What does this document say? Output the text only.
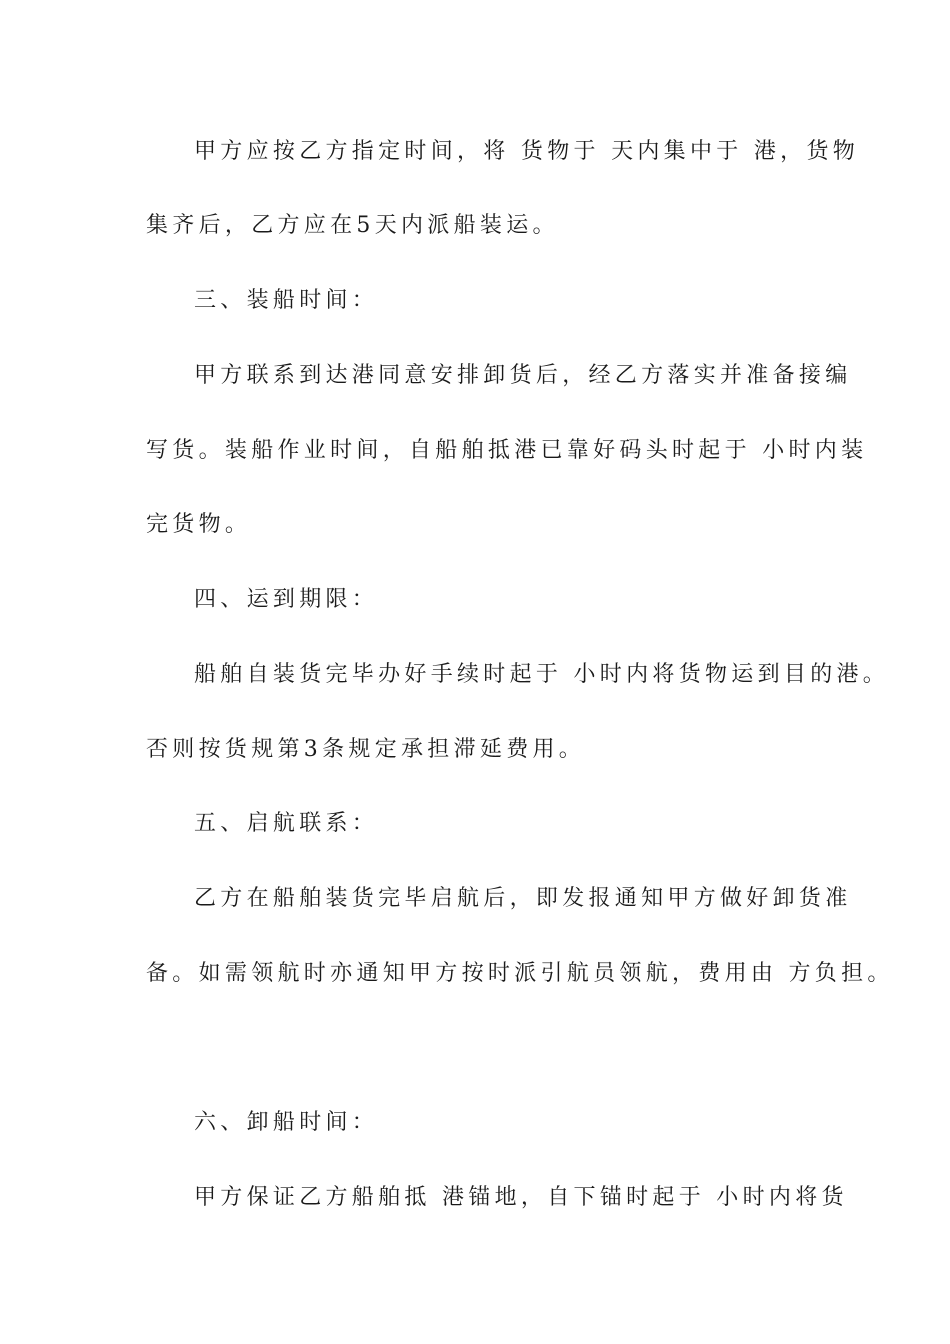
甲方应按乙方指定时间，将 货物于 天内集中于 港，货物
集齐后，乙方应在5天内派船装运。
三、装船时间：
甲方联系到达港同意安排卸货后，经乙方落实并准备接编
写货。装船作业时间，自船舶抵港已靠好码头时起于 小时内装
完货物。
四、运到期限：
船舶自装货完毕办好手续时起于 小时内将货物运到目的港。
否则按货规第3条规定承担滞延费用。
五、启航联系：
乙方在船舶装货完毕启航后，即发报通知甲方做好卸货准
备。如需领航时亦通知甲方按时派引航员领航，费用由 方负担。
六、卸船时间：
甲方保证乙方船舶抵 港锚地，自下锚时起于 小时内将货
